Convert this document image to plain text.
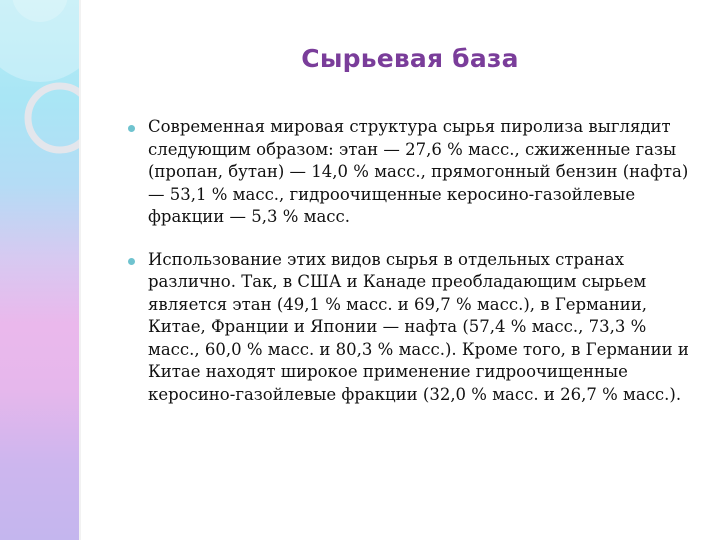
Сырьевая база
Современная мировая структура сырья пиролиза выглядит следующим образом: этан — 27,6 % масс., сжиженные газы (пропан, бутан) — 14,0 % масс., прямогонный бензин (нафта) — 53,1 % масс., гидроочищенные керосино-газойлевые фракции — 5,3 % масс.
Использование этих видов сырья в отдельных странах различно. Так, в США и Канаде преобладающим сырьем является этан (49,1 % масс. и 69,7 % масс.), в Германии, Китае, Франции и Японии — нафта (57,4 % масс., 73,3 % масс., 60,0 % масс. и 80,3 % масс.). Кроме того, в Германии и Китае находят широкое применение гидроочищенные керосино-газойлевые фракции (32,0 % масс. и 26,7 % масс.).
